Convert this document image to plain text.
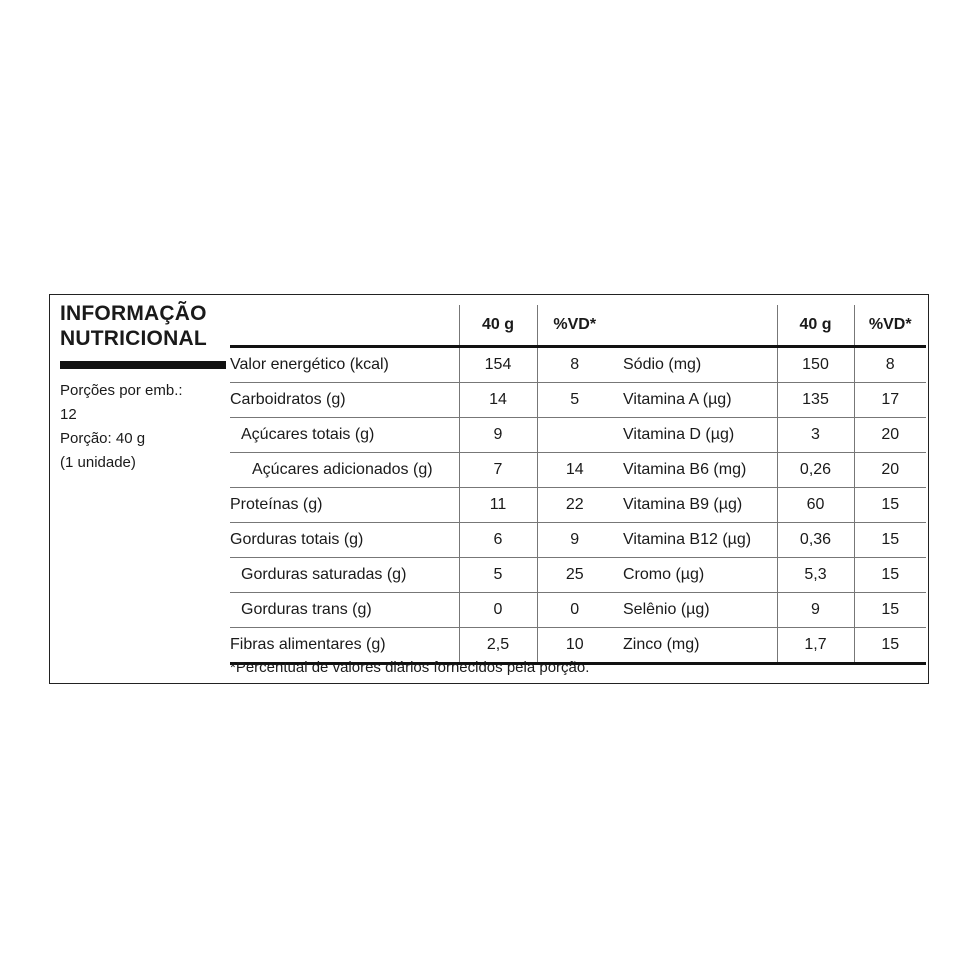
INFORMAÇÃO
NUTRICIONAL
Porções por emb.:
12
Porção: 40 g
(1 unidade)
	40 g	%VD*			40 g	%VD*
Valor energético (kcal)	154	8		Sódio (mg)	150	8
Carboidratos (g)	14	5		Vitamina A (µg)	135	17
Açúcares totais (g)	9			Vitamina D (µg)	3	20
Açúcares adicionados (g)	7	14		Vitamina B6 (mg)	0,26	20
Proteínas (g)	11	22		Vitamina B9 (µg)	60	15
Gorduras totais (g)	6	9		Vitamina B12 (µg)	0,36	15
Gorduras saturadas (g)	5	25		Cromo (µg)	5,3	15
Gorduras trans (g)	0	0		Selênio (µg)	9	15
Fibras alimentares (g)	2,5	10		Zinco (mg)	1,7	15
*Percentual de valores diários fornecidos pela porção.
